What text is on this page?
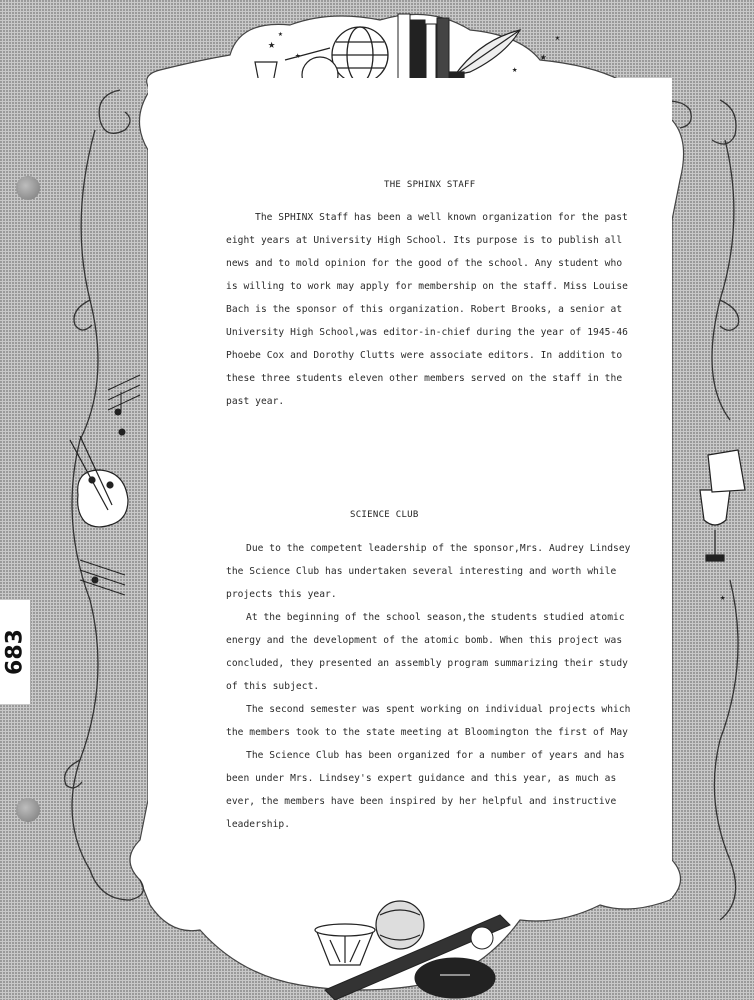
★
★
★
★
★
★
★
683
THE SPHINX STAFF
The SPHINX Staff has been a well known organization for the past
eight years at University High School. Its purpose is to publish all
news and to mold opinion for the good of the school. Any student who
is willing to work may apply for membership on the staff. Miss Louise
Bach is the sponsor of this organization. Robert Brooks, a senior at
University High School,was editor-in-chief during the year of 1945-46
Phoebe Cox and Dorothy Clutts were associate editors. In addition to
these three students eleven other members served on the staff in the
past year.
SCIENCE CLUB
Due to the competent leadership of the sponsor,Mrs. Audrey Lindsey
the Science Club has undertaken several interesting and worth while
projects this year.
At the beginning of the school season,the students studied atomic
energy and the development of the atomic bomb. When this project was
concluded, they presented an assembly program summarizing their study
of this subject.
The second semester was spent working on individual projects which
the members took to the state meeting at Bloomington the first of May
The Science Club has been organized for a number of years and has
been under Mrs. Lindsey's expert guidance and this year, as much as
ever, the members have been inspired by her helpful and instructive
leadership.
